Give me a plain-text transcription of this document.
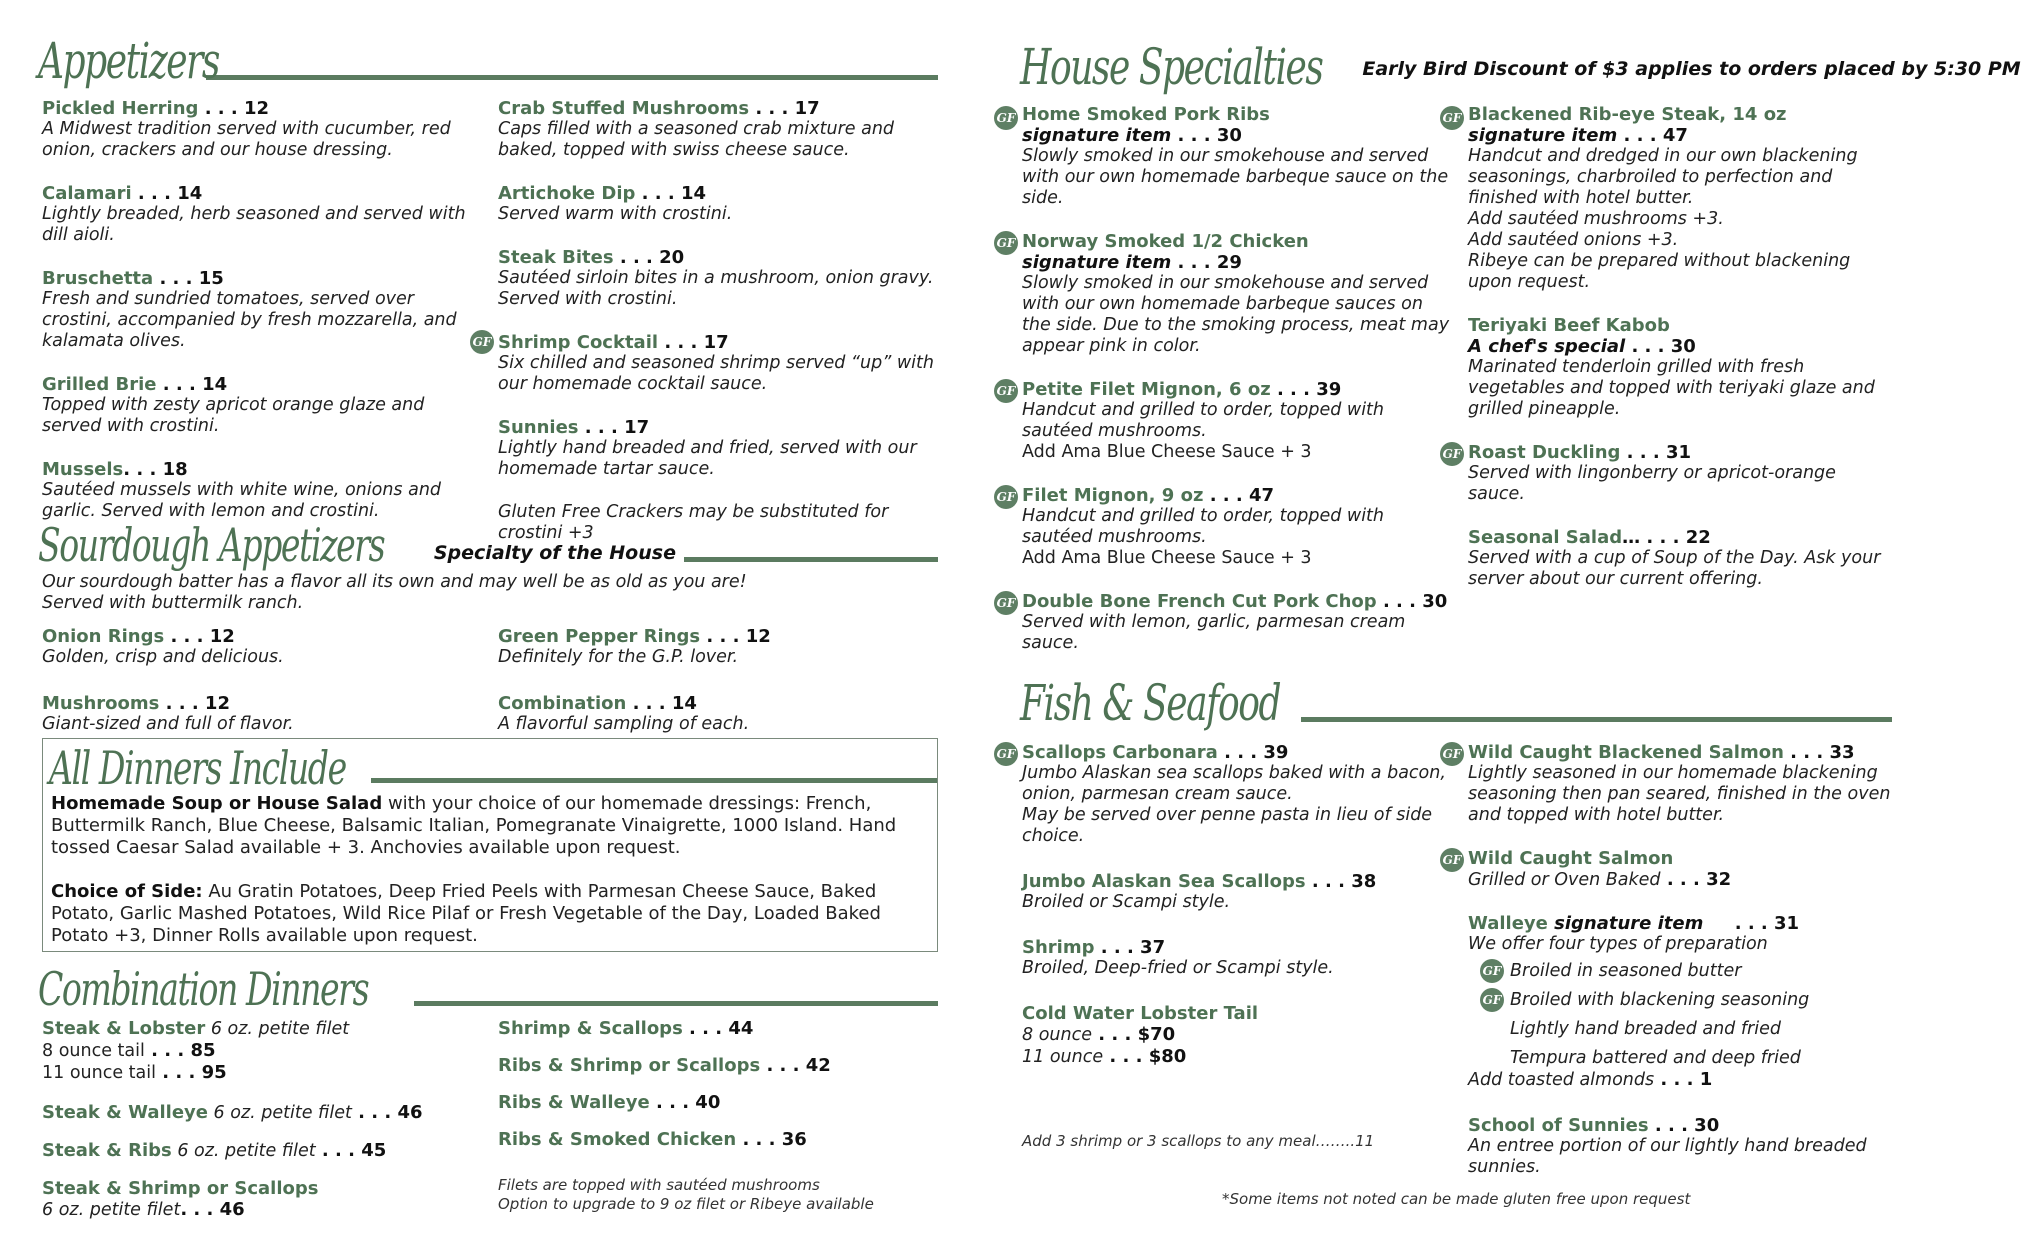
Appetizers
Pickled Herring . . . 12
A Midwest tradition served with cucumber, red onion, crackers and our house dressing.
Calamari . . . 14
Lightly breaded, herb seasoned and served with dill aioli.
Bruschetta . . . 15
Fresh and sundried tomatoes, served over crostini, accompanied by fresh mozzarella, and kalamata olives.
Grilled Brie . . . 14
Topped with zesty apricot orange glaze and served with crostini.
Mussels. . . 18
Sautéed mussels with white wine, onions and garlic. Served with lemon and crostini.
Crab Stuffed Mushrooms . . . 17
Caps filled with a seasoned crab mixture and baked, topped with swiss cheese sauce.
Artichoke Dip . . . 14
Served warm with crostini.
Steak Bites . . . 20
Sautéed sirloin bites in a mushroom, onion gravy. Served with crostini.
GF Shrimp Cocktail . . . 17
Six chilled and seasoned shrimp served “up” with our homemade cocktail sauce.
Sunnies . . . 17
Lightly hand breaded and fried, served with our homemade tartar sauce.
Gluten Free Crackers may be substituted for crostini +3
Sourdough Appetizers	Specialty of the House
Our sourdough batter has a flavor all its own and may well be as old as you are! Served with buttermilk ranch.
Onion Rings . . . 12
Golden, crisp and delicious.
Mushrooms . . . 12
Giant-sized and full of flavor.
Green Pepper Rings . . . 12
Definitely for the G.P. lover.
Combination . . . 14
A flavorful sampling of each.
All Dinners Include
Homemade Soup or House Salad with your choice of our homemade dressings: French, Buttermilk Ranch, Blue Cheese, Balsamic Italian, Pomegranate Vinaigrette, 1000 Island. Hand tossed Caesar Salad available + 3. Anchovies available upon request.
Choice of Side: Au Gratin Potatoes, Deep Fried Peels with Parmesan Cheese Sauce, Baked Potato, Garlic Mashed Potatoes, Wild Rice Pilaf or Fresh Vegetable of the Day, Loaded Baked Potato +3, Dinner Rolls available upon request.
Combination Dinners
Steak & Lobster 6 oz. petite filet
8 ounce tail . . . 85
11 ounce tail . . . 95
Steak & Walleye 6 oz. petite filet . . . 46
Steak & Ribs 6 oz. petite filet . . . 45
Steak & Shrimp or Scallops
6 oz. petite filet. . . 46
Shrimp & Scallops . . . 44
Ribs & Shrimp or Scallops . . . 42
Ribs & Walleye . . . 40
Ribs & Smoked Chicken . . . 36
Filets are topped with sautéed mushrooms
Option to upgrade to 9 oz filet or Ribeye available
House Specialties Early Bird Discount of $3 applies to orders placed by 5:30 PM
GF Home Smoked Pork Ribs
signature item . . . 30
Slowly smoked in our smokehouse and served with our own homemade barbeque sauce on the side.
GF Norway Smoked 1/2 Chicken
signature item . . . 29
Slowly smoked in our smokehouse and served with our own homemade barbeque sauces on the side. Due to the smoking process, meat may appear pink in color.
GF Petite Filet Mignon, 6 oz . . . 39
Handcut and grilled to order, topped with sautéed mushrooms.
Add Ama Blue Cheese Sauce + 3
GF Filet Mignon, 9 oz . . . 47
Handcut and grilled to order, topped with sautéed mushrooms.
Add Ama Blue Cheese Sauce + 3
GF Double Bone French Cut Pork Chop . . . 30
Served with lemon, garlic, parmesan cream sauce.
GF Blackened Rib-eye Steak, 14 oz
signature item . . . 47
Handcut and dredged in our own blackening seasonings, charbroiled to perfection and finished with hotel butter.
Add sautéed mushrooms +3.
Add sautéed onions +3.
Ribeye can be prepared without blackening upon request.
Teriyaki Beef Kabob
A chef's special . . . 30
Marinated tenderloin grilled with fresh vegetables and topped with teriyaki glaze and grilled pineapple.
GF Roast Duckling . . . 31
Served with lingonberry or apricot-orange sauce.
Seasonal Salad… . . . 22
Served with a cup of Soup of the Day. Ask your server about our current offering.
Fish & Seafood
GF Scallops Carbonara . . . 39
Jumbo Alaskan sea scallops baked with a bacon, onion, parmesan cream sauce.
May be served over penne pasta in lieu of side choice.
Jumbo Alaskan Sea Scallops . . . 38
Broiled or Scampi style.
Shrimp . . . 37
Broiled, Deep-fried or Scampi style.
Cold Water Lobster Tail
8 ounce . . . $70
11 ounce . . . $80
Add 3 shrimp or 3 scallops to any meal……..11
GF Wild Caught Blackened Salmon . . . 33
Lightly seasoned in our homemade blackening seasoning then pan seared, finished in the oven and topped with hotel butter.
GF Wild Caught Salmon
Grilled or Oven Baked . . . 32
Walleye signature item     . . . 31
We offer four types of preparation
GF Broiled in seasoned butter
GF Broiled with blackening seasoning
Lightly hand breaded and fried
Tempura battered and deep fried
Add toasted almonds . . . 1
School of Sunnies . . . 30
An entree portion of our lightly hand breaded sunnies.
*Some items not noted can be made gluten free upon request
